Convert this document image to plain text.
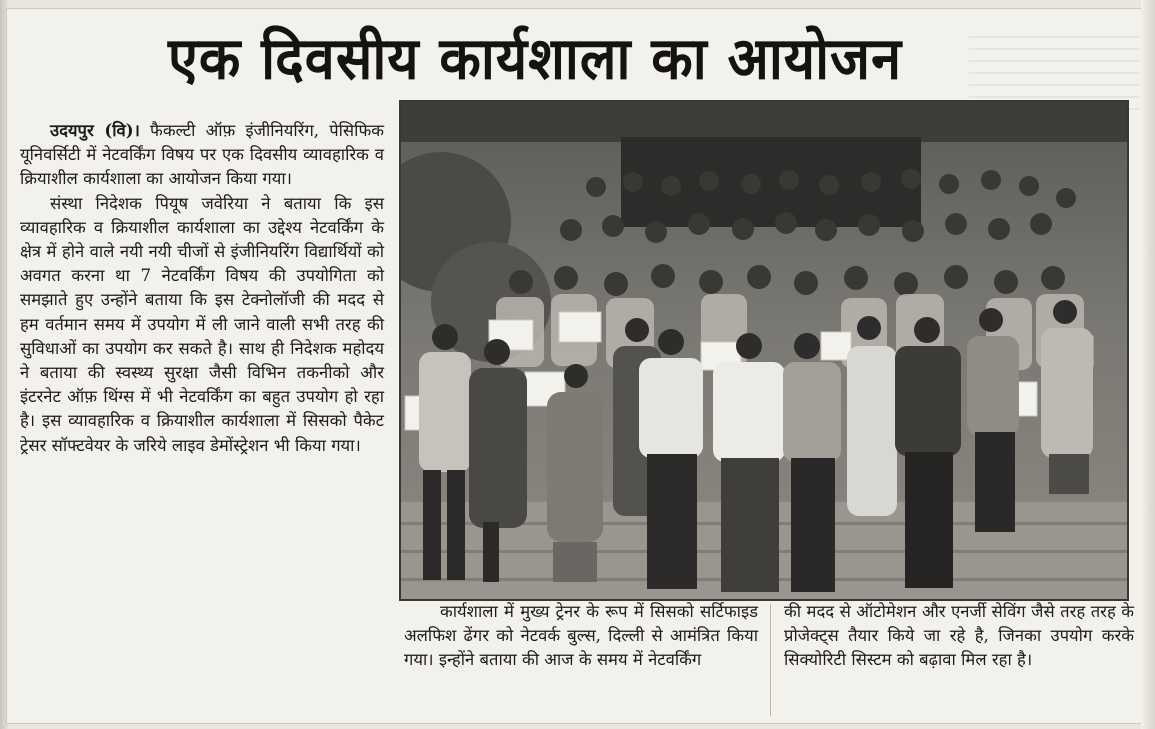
एक दिवसीय कार्यशाला का आयोजन

उदयपुर (वि)। फैकल्टी ऑफ़ इंजीनियरिंग, पेसिफिक यूनिवर्सिटी में नेटवर्किंग विषय पर एक दिवसीय व्यावहारिक व क्रियाशील कार्यशाला का आयोजन किया गया।

संस्था निदेशक पियूष जवेरिया ने बताया कि इस व्यावहारिक व क्रियाशील कार्यशाला का उद्देश्य नेटवर्किंग के क्षेत्र में होने वाले नयी नयी चीजों से इंजीनियरिंग विद्यार्थियों को अवगत करना था 7 नेटवर्किंग विषय की उपयोगिता को समझाते हुए उन्होंने बताया कि इस टेक्नोलॉजी की मदद से हम वर्तमान समय में उपयोग में ली जाने वाली सभी तरह की सुविधाओं का उपयोग कर सकते है। साथ ही निदेशक महोदय ने बताया की स्वस्थ्य सुरक्षा जैसी विभिन तकनीको और इंटरनेट ऑफ़ थिंग्स में भी नेटवर्किंग का बहुत उपयोग हो रहा है। इस व्यावहारिक व क्रियाशील कार्यशाला में सिसको पैकेट ट्रेसर सॉफ्टवेयर के जरिये लाइव डेमोंस्ट्रेशन भी किया गया।

कार्यशाला में मुख्य ट्रेनर के रूप में सिसको सर्टिफाइड अलफिश ढेंगर को नेटवर्क बुल्स, दिल्ली से आमंत्रित किया गया। इन्होंने बताया की आज के समय में नेटवर्किंग

की मदद से ऑटोमेशन और एनर्जी सेविंग जैसे तरह तरह के प्रोजेक्ट्स तैयार किये जा रहे है, जिनका उपयोग करके सिक्योरिटी सिस्टम को बढ़ावा मिल रहा है।
